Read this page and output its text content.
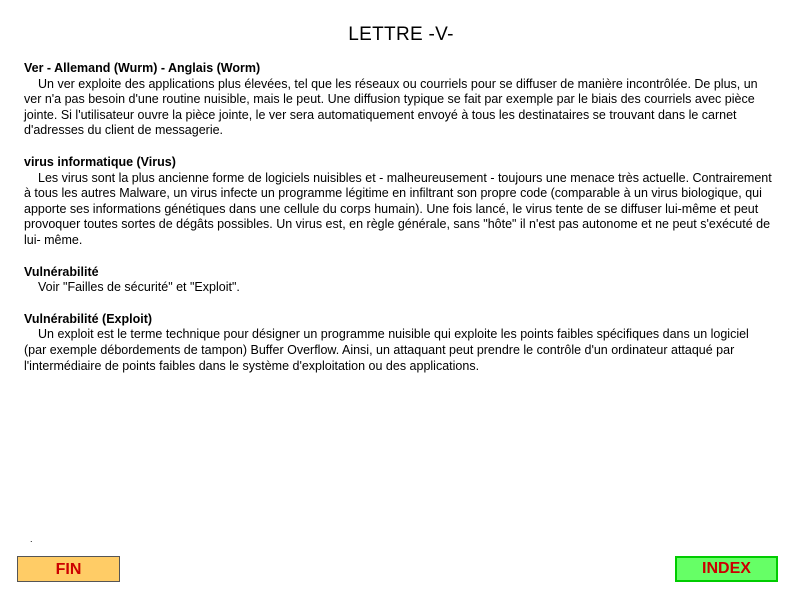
LETTRE -V-
Ver - Allemand (Wurm) - Anglais (Worm)
Un ver exploite des applications plus élevées, tel que les réseaux ou courriels pour se diffuser de manière incontrôlée. De plus, un ver n'a pas besoin d'une routine nuisible, mais le peut. Une diffusion typique se fait par exemple par le biais des courriels avec pièce jointe. Si l'utilisateur ouvre la pièce jointe, le ver sera automatiquement envoyé à tous les destinataires se trouvant dans le carnet d'adresses du client de messagerie.
virus informatique (Virus)
Les virus sont la plus ancienne forme de logiciels nuisibles et - malheureusement - toujours une menace très actuelle. Contrairement à tous les autres Malware, un virus infecte un programme légitime en infiltrant son propre code (comparable à un virus biologique, qui apporte ses informations génétiques dans une cellule du corps humain). Une fois lancé, le virus tente de se diffuser lui-même et peut provoquer toutes sortes de dégâts possibles. Un virus est, en règle générale, sans "hôte" il n'est pas autonome et ne peut s'exécuté de lui- même.
Vulnérabilité
Voir "Failles de sécurité" et "Exploit".
Vulnérabilité (Exploit)
Un exploit est le terme technique pour désigner un programme nuisible qui exploite les points faibles spécifiques dans un logiciel (par exemple débordements de tampon) Buffer Overflow. Ainsi, un attaquant peut prendre le contrôle d'un ordinateur attaqué par l'intermédiaire de points faibles dans le système d'exploitation ou des applications.
.
FIN	INDEX
